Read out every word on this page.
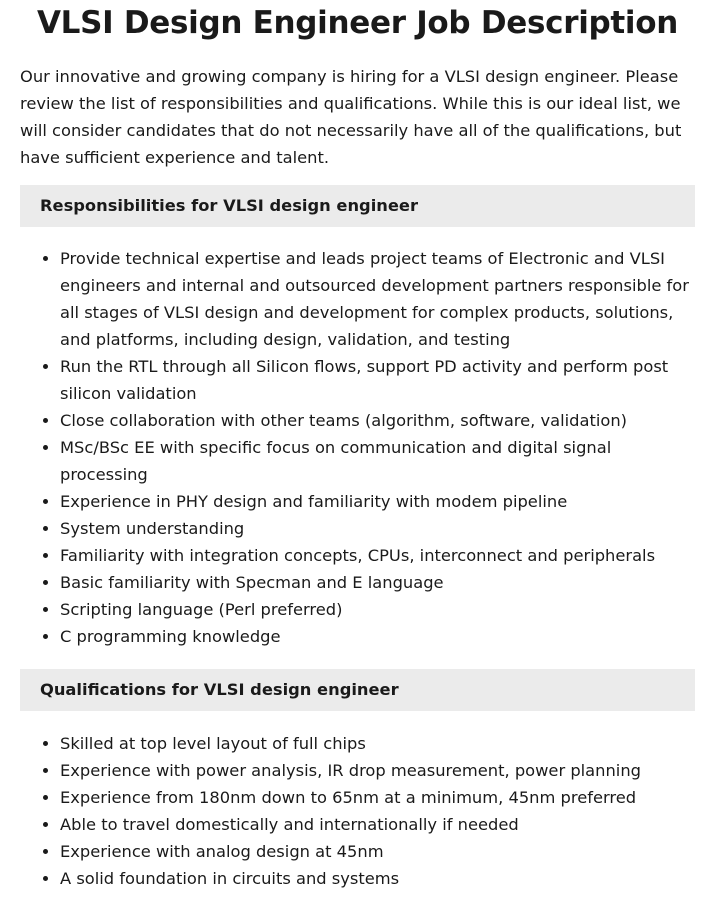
VLSI Design Engineer Job Description

Our innovative and growing company is hiring for a VLSI design engineer. Please review the list of responsibilities and qualifications. While this is our ideal list, we will consider candidates that do not necessarily have all of the qualifications, but have sufficient experience and talent.

Responsibilities for VLSI design engineer
• Provide technical expertise and leads project teams of Electronic and VLSI engineers and internal and outsourced development partners responsible for all stages of VLSI design and development for complex products, solutions, and platforms, including design, validation, and testing
• Run the RTL through all Silicon flows, support PD activity and perform post silicon validation
• Close collaboration with other teams (algorithm, software, validation)
• MSc/BSc EE with specific focus on communication and digital signal processing
• Experience in PHY design and familiarity with modem pipeline
• System understanding
• Familiarity with integration concepts, CPUs, interconnect and peripherals
• Basic familiarity with Specman and E language
• Scripting language (Perl preferred)
• C programming knowledge
Qualifications for VLSI design engineer
• Skilled at top level layout of full chips
• Experience with power analysis, IR drop measurement, power planning
• Experience from 180nm down to 65nm at a minimum, 45nm preferred
• Able to travel domestically and internationally if needed
• Experience with analog design at 45nm
• A solid foundation in circuits and systems
